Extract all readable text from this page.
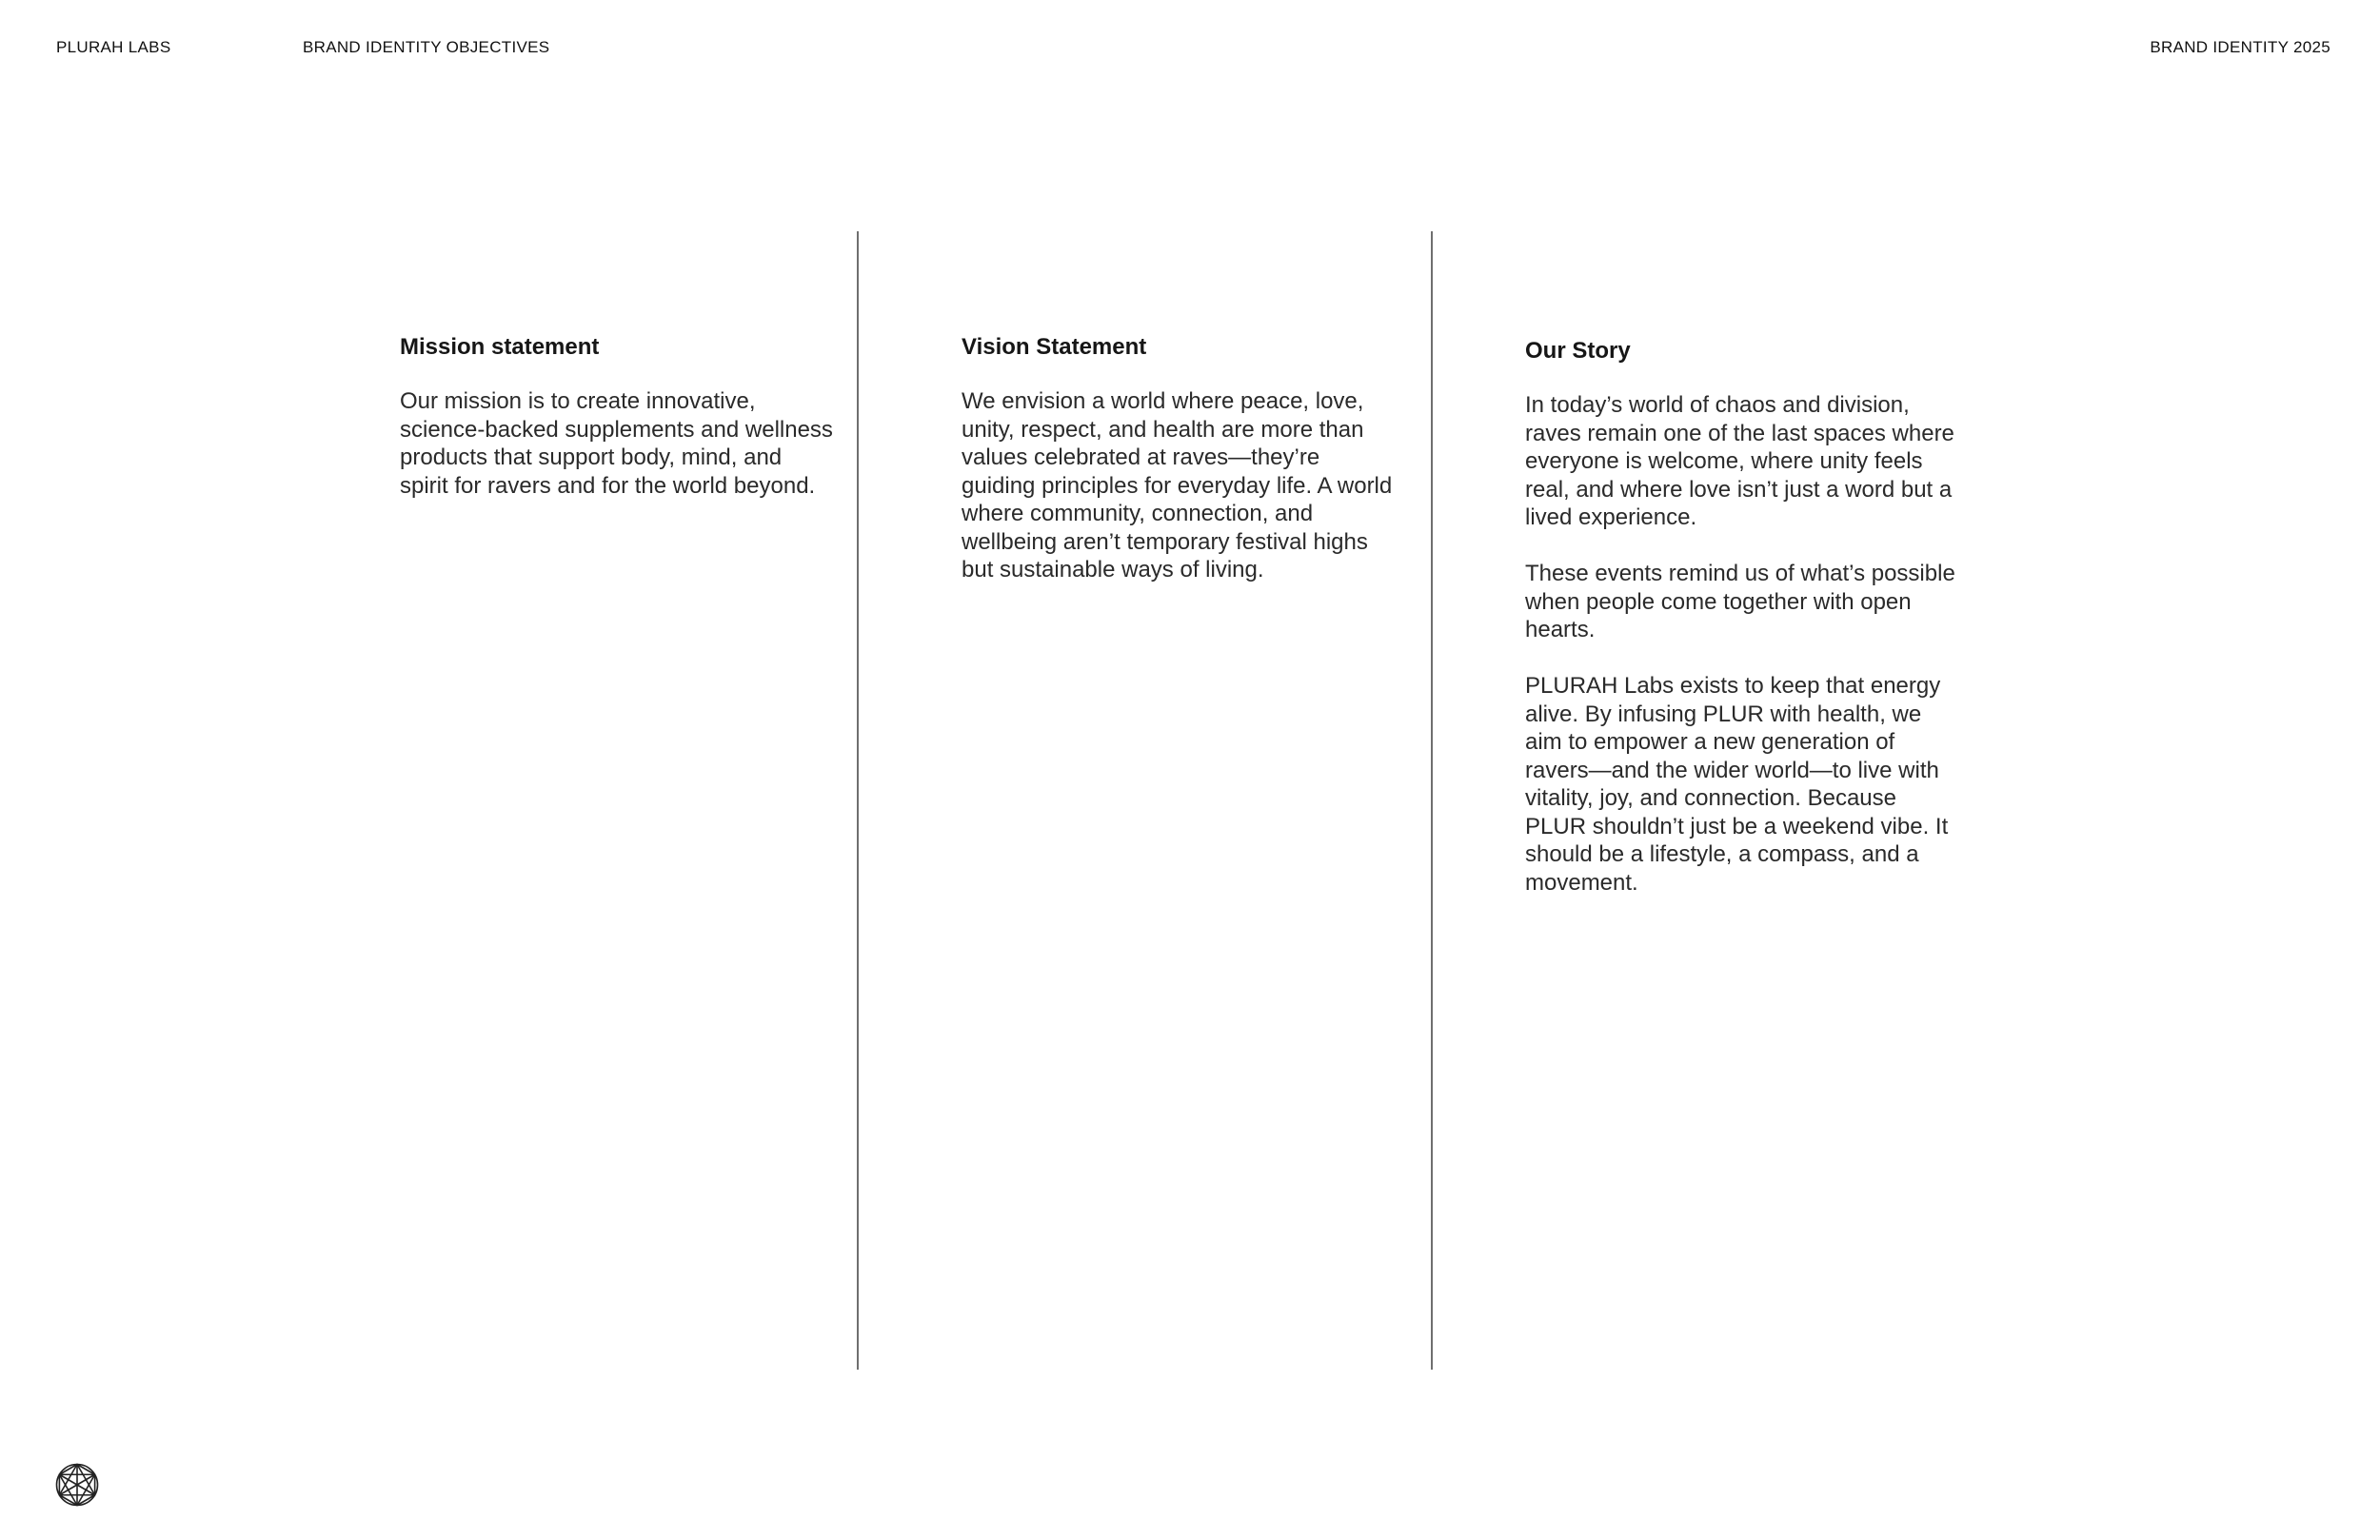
PLURAH LABS	BRAND IDENTITY OBJECTIVES	BRAND IDENTITY 2025
Mission statement

Our mission is to create innovative, science-backed supplements and wellness products that support body, mind, and spirit for ravers and for the world beyond.

Vision Statement

We envision a world where peace, love, unity, respect, and health are more than values celebrated at raves—they’re guiding principles for everyday life. A world where community, connection, and wellbeing aren’t temporary festival highs but sustainable ways of living.

Our Story

In today’s world of chaos and division, raves remain one of the last spaces where everyone is welcome, where unity feels real, and where love isn’t just a word but a lived experience.

These events remind us of what’s possible when people come together with open hearts.

PLURAH Labs exists to keep that energy alive. By infusing PLUR with health, we aim to empower a new generation of ravers—and the wider world—to live with vitality, joy, and connection. Because PLUR shouldn’t just be a weekend vibe. It should be a lifestyle, a compass, and a movement.
